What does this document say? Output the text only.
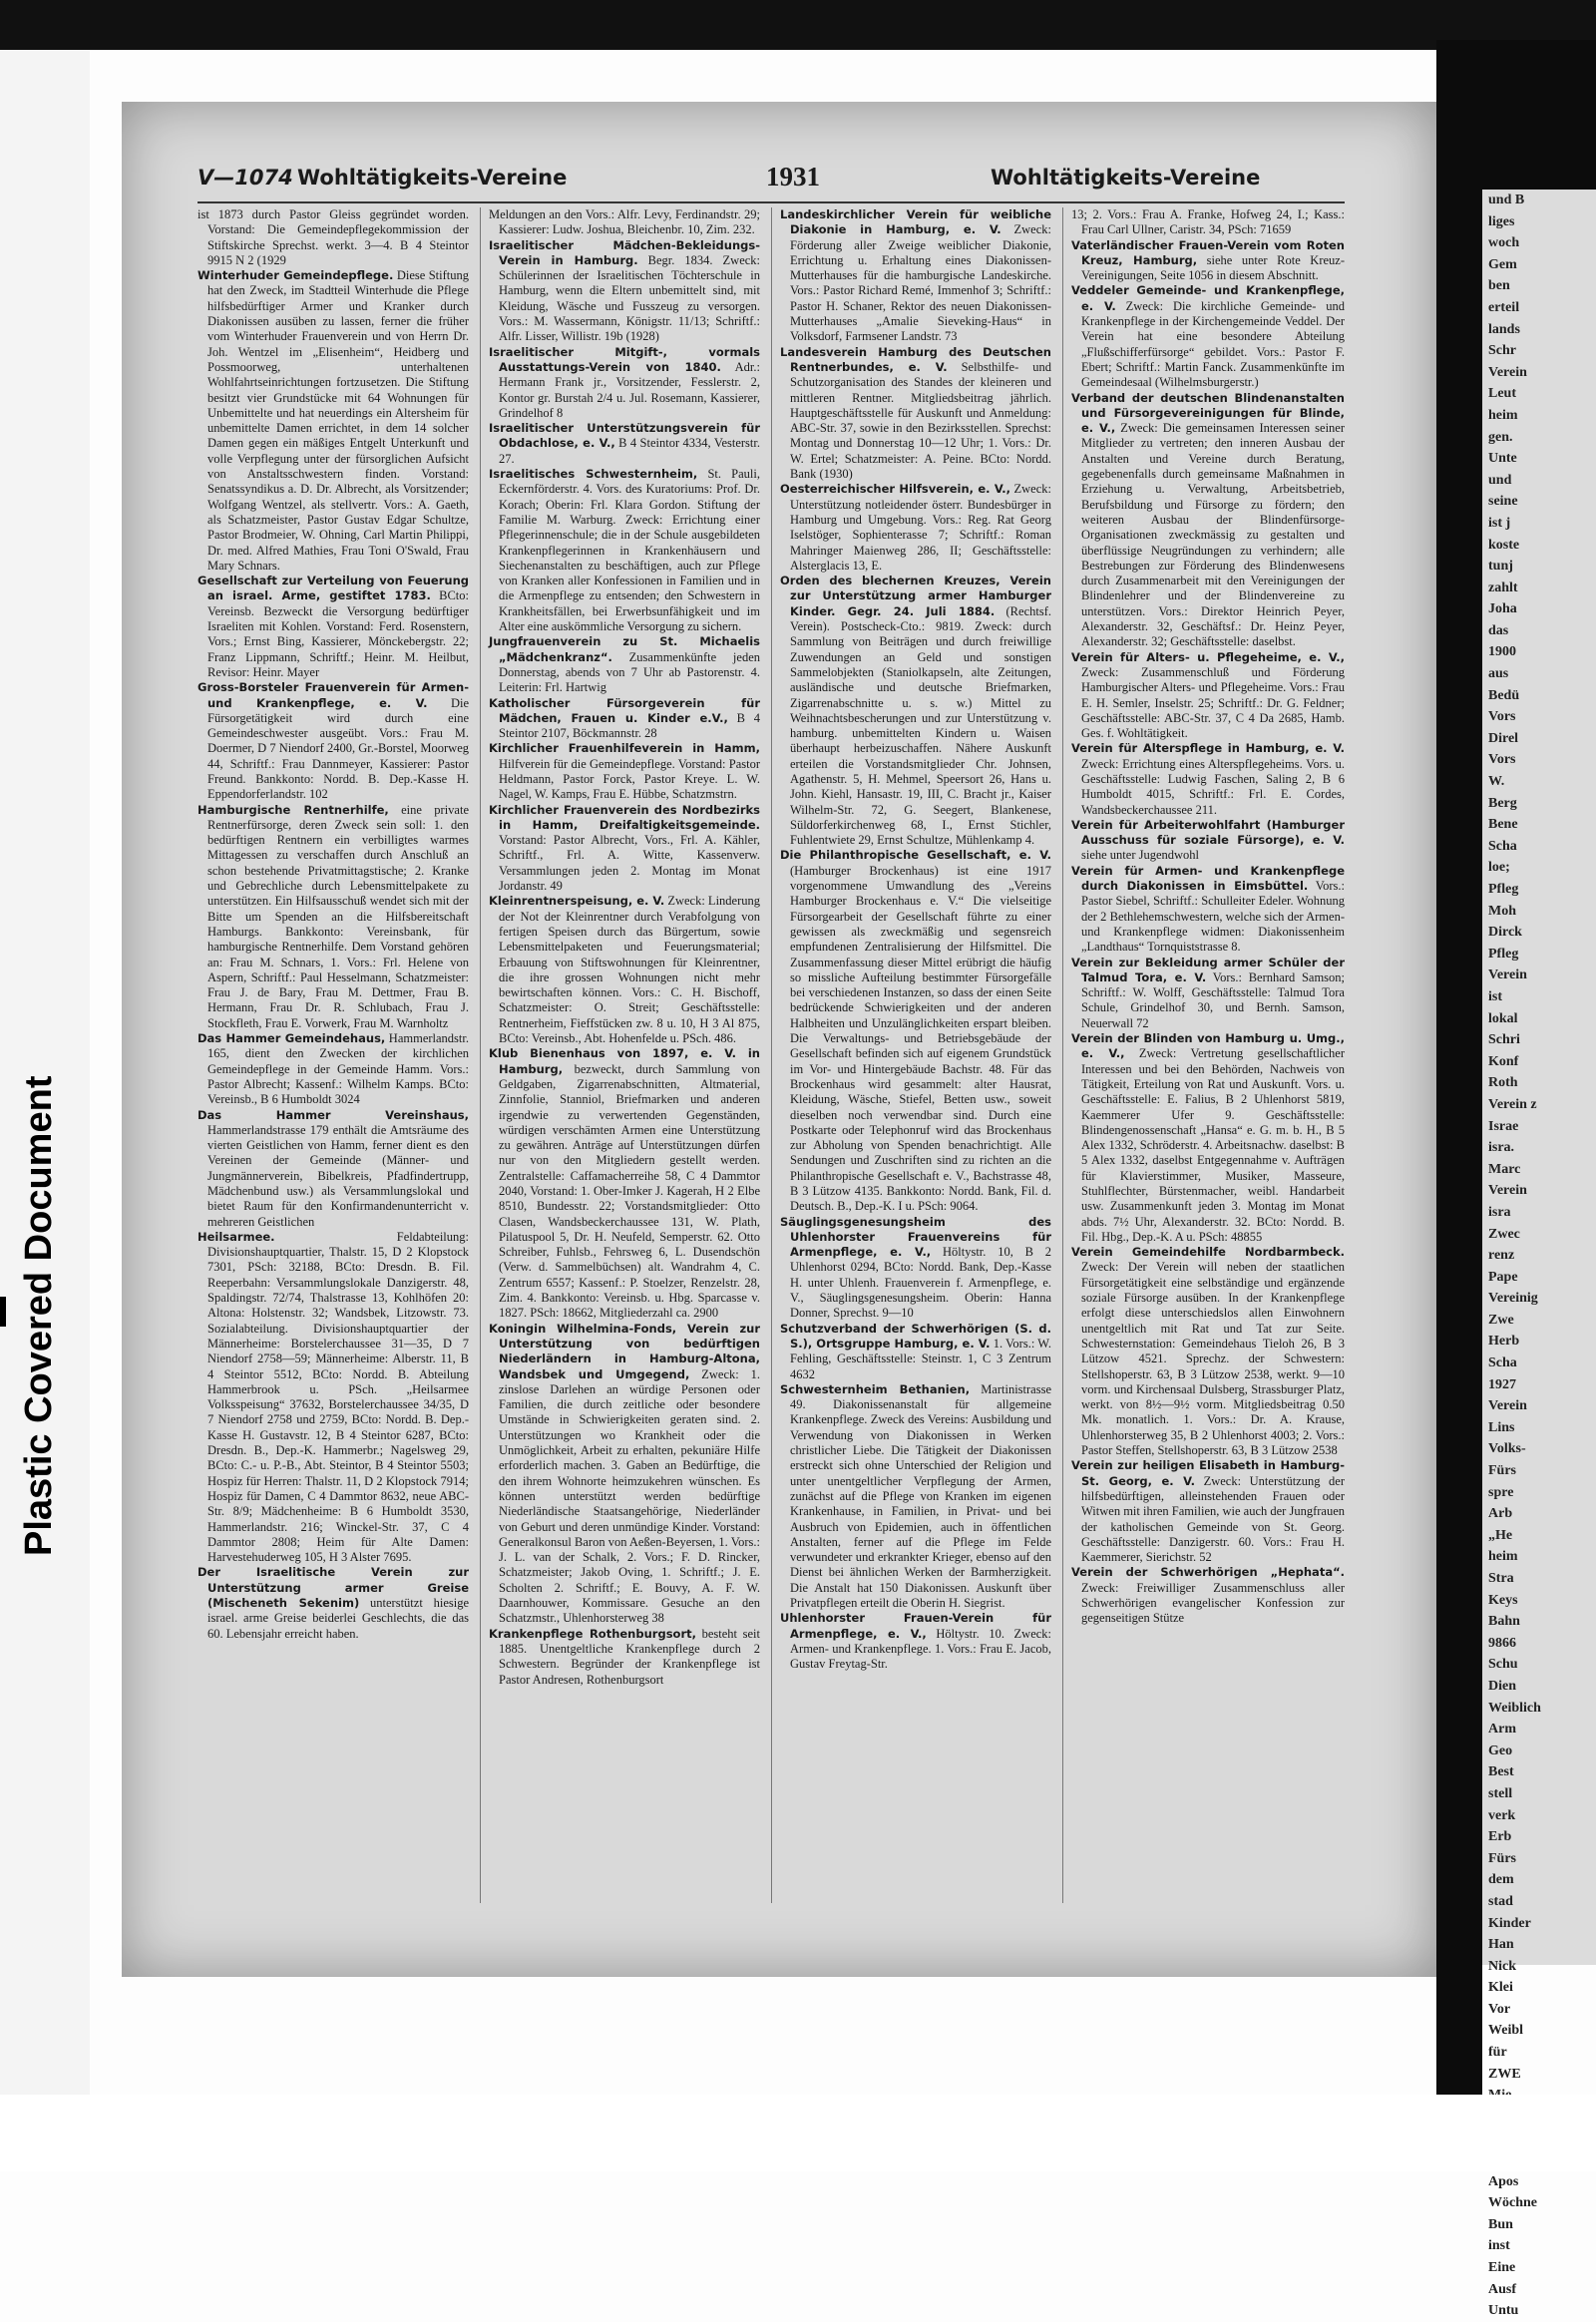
Plastic Covered Document
und B
liges
woch
Gem
ben
erteil
lands
Schr
Verein
Leut
heim
gen.
Unte
und
seine
ist j
koste
tunj
zahlt
Joha
das
1900
aus
Bedü
Vors
Direl
Vors
W.
Berg
Bene
Scha
loe;
Pfleg
Moh
Dirck
Pfleg
Verein
ist
lokal
Schri
Konf
Roth
Verein z
Israe
isra.
Marc
Verein
isra
Zwec
renz
Pape
Vereinig
Zwe
Herb
Scha
1927
Verein
Lins
Volks-
Fürs
spre
Arb
„He
heim
Stra
Keys
Bahn
9866
Schu
Dien
Weiblich
Arm
Geo
Best
stell
verk
Erb
Fürs
dem
stad
Kinder
Han
Nick
Klei
Vor
Weibl
für
ZWE
Apos
Wöchne
Bun
inst
Eine
Ausf
Untu
V—1074 Wohltätigkeits-Vereine	1931	Wohltätigkeits-Vereine

ist 1873 durch Pastor Gleiss gegründet worden. Vorstand: Die Gemeindepflegekommission der Stiftskirche Sprechst. werkt. 3—4. B 4 Steintor 9915 N 2 (1929

Winterhuder Gemeindepflege. Diese Stiftung hat den Zweck, im Stadtteil Winterhude die Pflege hilfsbedürftiger Armer und Kranker durch Diakonissen ausüben zu lassen, ferner die früher vom Winterhuder Frauenverein und von Herrn Dr. Joh. Wentzel im „Elisenheim“, Heidberg und Possmoorweg, unterhaltenen Wohlfahrtseinrichtungen fortzusetzen. Die Stiftung besitzt vier Grundstücke mit 64 Wohnungen für Unbemittelte und hat neuerdings ein Altersheim für unbemittelte Damen errichtet, in dem 14 solcher Damen gegen ein mäßiges Entgelt Unterkunft und volle Verpflegung unter der fürsorglichen Aufsicht von Anstaltsschwestern finden. Vorstand: Senatssyndikus a. D. Dr. Albrecht, als Vorsitzender; Wolfgang Wentzel, als stellvertr. Vors.: A. Gaeth, als Schatzmeister, Pastor Gustav Edgar Schultze, Pastor Brodmeier, W. Ohning, Carl Martin Philippi, Dr. med. Alfred Mathies, Frau Toni O'Swald, Frau Mary Schnars.

Gesellschaft zur Verteilung von Feuerung an israel. Arme, gestiftet 1783. BCto: Vereinsb. Bezweckt die Versorgung bedürftiger Israeliten mit Kohlen. Vorstand: Ferd. Rosenstern, Vors.; Ernst Bing, Kassierer, Mönckebergstr. 22; Franz Lippmann, Schriftf.; Heinr. M. Heilbut, Revisor: Heinr. Mayer

Gross-Borsteler Frauenverein für Armen- und Krankenpflege, e. V. Die Fürsorgetätigkeit wird durch eine Gemeindeschwester ausgeübt. Vors.: Frau M. Doermer, D 7 Niendorf 2400, Gr.-Borstel, Moorweg 44, Schriftf.: Frau Dannmeyer, Kassierer: Pastor Freund. Bankkonto: Nordd. B. Dep.-Kasse H. Eppendorferlandstr. 102

Hamburgische Rentnerhilfe, eine private Rentnerfürsorge, deren Zweck sein soll: 1. den bedürftigen Rentnern ein verbilligtes warmes Mittagessen zu verschaffen durch Anschluß an schon bestehende Privatmittagstische; 2. Kranke und Gebrechliche durch Lebensmittelpakete zu unterstützen. Ein Hilfsausschuß wendet sich mit der Bitte um Spenden an die Hilfsbereitschaft Hamburgs. Bankkonto: Vereinsbank, für hamburgische Rentnerhilfe. Dem Vorstand gehören an: Frau M. Schnars, 1. Vors.: Frl. Helene von Aspern, Schriftf.: Paul Hesselmann, Schatzmeister: Frau J. de Bary, Frau M. Dettmer, Frau B. Hermann, Frau Dr. R. Schlubach, Frau J. Stockfleth, Frau E. Vorwerk, Frau M. Warnholtz

Das Hammer Gemeindehaus, Hammerlandstr. 165, dient den Zwecken der kirchlichen Gemeindepflege in der Gemeinde Hamm. Vors.: Pastor Albrecht; Kassenf.: Wilhelm Kamps. BCto: Vereinsb., B 6 Humboldt 3024

Das Hammer Vereinshaus, Hammerlandstrasse 179 enthält die Amtsräume des vierten Geistlichen von Hamm, ferner dient es den Vereinen der Gemeinde (Männer- und Jungmännerverein, Bibelkreis, Pfadfindertrupp, Mädchenbund usw.) als Versammlungslokal und bietet Raum für den Konfirmandenunterricht v. mehreren Geistlichen

Heilsarmee.	Feldabteilung: Divisionshauptquartier, Thalstr. 15, D 2 Klopstock 7301, PSch: 32188, BCto: Dresdn. B. Fil. Reeperbahn: Versammlungslokale Danzigerstr. 48, Spaldingstr. 72/74, Thalstrasse 13, Kohlhöfen 20: Altona: Holstenstr. 32; Wandsbek, Litzowstr. 73. Sozialabteilung. Divisionshauptquartier der Männerheime: Borstelerchaussee 31—35, D 7 Niendorf 2758—59; Männerheime: Alberstr. 11, B 4 Steintor 5512, BCto: Nordd. B. Abteilung Hammerbrook u. PSch. „Heilsarmee Volksspeisung“ 37632, Borstelerchaussee 34/35, D 7 Niendorf 2758 und 2759, BCto: Nordd. B. Dep.-Kasse H. Gustavstr. 12, B 4 Steintor 6287, BCto: Dresdn. B., Dep.-K. Hammerbr.; Nagelsweg 29, BCto: C.- u. P.-B., Abt. Steintor, B 4 Steintor 5503; Hospiz für Herren: Thalstr. 11, D 2 Klopstock 7914; Hospiz für Damen, C 4 Dammtor 8632, neue ABC-Str. 8/9; Mädchenheime: B 6 Humboldt 3530, Hammerlandstr. 216; Winckel-Str. 37, C 4 Dammtor 2808; Heim für Alte Damen: Harvestehuderweg 105, H 3 Alster 7695.

Der Israelitische Verein zur Unterstützung armer Greise (Mischeneth Sekenim) unterstützt hiesige israel. arme Greise beiderlei Geschlechts, die das 60. Lebensjahr erreicht haben.

Meldungen an den Vors.: Alfr. Levy, Ferdinandstr. 29; Kassierer: Ludw. Joshua, Bleichenbr. 10, Zim. 232.

Israelitischer Mädchen-Bekleidungs-Verein in Hamburg. Begr. 1834. Zweck: Schülerinnen der Israelitischen Töchterschule in Hamburg, wenn die Eltern unbemittelt sind, mit Kleidung, Wäsche und Fusszeug zu versorgen. Vors.: M. Wassermann, Königstr. 11/13; Schriftf.: Alfr. Lisser, Willistr. 19b (1928)

Israelitischer Mitgift-, vormals Ausstattungs-Verein von 1840. Adr.: Hermann Frank jr., Vorsitzender, Fesslerstr. 2, Kontor gr. Burstah 2/4 u. Jul. Rosemann, Kassierer, Grindelhof 8

Israelitischer Unterstützungsverein für Obdachlose, e. V., B 4 Steintor 4334, Vesterstr. 27.

Israelitisches Schwesternheim, St. Pauli, Eckernförderstr. 4. Vors. des Kuratoriums: Prof. Dr. Korach; Oberin: Frl. Klara Gordon. Stiftung der Familie M. Warburg. Zweck: Errichtung einer Pflegerinnenschule; die in der Schule ausgebildeten Krankenpflegerinnen in Krankenhäusern und Siechenanstalten zu beschäftigen, auch zur Pflege von Kranken aller Konfessionen in Familien und in die Armenpflege zu entsenden; den Schwestern in Krankheitsfällen, bei Erwerbsunfähigkeit und im Alter eine auskömmliche Versorgung zu sichern.

Jungfrauenverein zu St. Michaelis „Mädchenkranz“. Zusammenkünfte jeden Donnerstag, abends von 7 Uhr ab Pastorenstr. 4. Leiterin: Frl. Hartwig

Katholischer Fürsorgeverein für Mädchen, Frauen u. Kinder e.V., B 4 Steintor 2107, Böckmannstr. 28

Kirchlicher Frauenhilfeverein in Hamm, Hilfverein für die Gemeindepflege. Vorstand: Pastor Heldmann, Pastor Forck, Pastor Kreye. L. W. Nagel, W. Kamps, Frau E. Hübbe, Schatzmstrn.

Kirchlicher Frauenverein des Nordbezirks in Hamm, Dreifaltigkeitsgemeinde. Vorstand: Pastor Albrecht, Vors., Frl. A. Kähler, Schriftf., Frl. A. Witte, Kassenverw. Versammlungen jeden 2. Montag im Monat Jordanstr. 49

Kleinrentnerspeisung, e. V. Zweck: Linderung der Not der Kleinrentner durch Verabfolgung von fertigen Speisen durch das Bürgertum, sowie Lebensmittelpaketen und Feuerungsmaterial; Erbauung von Stiftswohnungen für Kleinrentner, die ihre grossen Wohnungen nicht mehr bewirtschaften können. Vors.: C. H. Bischoff, Schatzmeister: O. Streit; Geschäftsstelle: Rentnerheim, Fieffstücken zw. 8 u. 10, H 3 Al 875, BCto: Vereinsb., Abt. Hohenfelde u. PSch. 486.

Klub Bienenhaus von 1897, e. V. in Hamburg, bezweckt, durch Sammlung von Geldgaben, Zigarrenabschnitten, Altmaterial, Zinnfolie, Stanniol, Briefmarken und anderen irgendwie zu verwertenden Gegenständen, würdigen verschämten Armen eine Unterstützung zu gewähren. Anträge auf Unterstützungen dürfen nur von den Mitgliedern gestellt werden. Zentralstelle: Caffamacherreihe 58, C 4 Dammtor 2040, Vorstand: 1. Ober-Imker J. Kagerah, H 2 Elbe 8510, Bundesstr. 22; Vorstandsmitglieder: Otto Clasen, Wandsbeckerchaussee 131, W. Plath, Pilatuspool 5, Dr. H. Neufeld, Semperstr. 62. Otto Schreiber, Fuhlsb., Fehrsweg 6, L. Dusendschön (Verw. d. Sammelbüchsen) alt. Wandrahm 4, C. Zentrum 6557; Kassenf.: P. Stoelzer, Renzelstr. 28, Zim. 4. Bankkonto: Vereinsb. u. Hbg. Sparcasse v. 1827. PSch: 18662, Mitgliederzahl ca. 2900

Koningin Wilhelmina-Fonds, Verein zur Unterstützung von bedürftigen Niederländern in Hamburg-Altona, Wandsbek und Umgegend, Zweck: 1. zinslose Darlehen an würdige Personen oder Familien, die durch zeitliche oder besondere Umstände in Schwierigkeiten geraten sind. 2. Unterstützungen wo Krankheit oder die Unmöglichkeit, Arbeit zu erhalten, pekuniäre Hilfe erforderlich machen. 3. Gaben an Bedürftige, die den ihrem Wohnorte heimzukehren wünschen. Es können unterstützt werden bedürftige Niederländische Staatsangehörige, Niederländer von Geburt und deren unmündige Kinder. Vorstand: Generalkonsul Baron von Aeßen-Beyersen, 1. Vors.: J. L. van der Schalk, 2. Vors.; F. D. Rincker, Schatzmeister; Jakob Oving, 1. Schriftf.; J. E. Scholten 2. Schriftf.; E. Bouvy, A. F. W. Daarnhouwer, Kommissare. Gesuche an den Schatzmstr., Uhlenhorsterweg 38

Krankenpflege Rothenburgsort, besteht seit 1885. Unentgeltliche Krankenpflege durch 2 Schwestern. Begründer der Krankenpflege ist Pastor Andresen, Rothenburgsort

Landeskirchlicher Verein für weibliche Diakonie in Hamburg, e. V. Zweck: Förderung aller Zweige weiblicher Diakonie, Errichtung u. Erhaltung eines Diakonissen-Mutterhauses für die hamburgische Landeskirche. Vors.: Pastor Richard Remé, Immenhof 3; Schriftf.: Pastor H. Schaner, Rektor des neuen Diakonissen-Mutterhauses „Amalie Sieveking-Haus“ in Volksdorf, Farmsener Landstr. 73

Landesverein Hamburg des Deutschen Rentnerbundes, e. V. Selbsthilfe- und Schutzorganisation des Standes der kleineren und mittleren Rentner. Mitgliedsbeitrag jährlich. Hauptgeschäftsstelle für Auskunft und Anmeldung: ABC-Str. 37, sowie in den Bezirksstellen. Sprechst: Montag und Donnerstag 10—12 Uhr; 1. Vors.: Dr. W. Ertel; Schatzmeister: A. Peine. BCto: Nordd. Bank (1930)

Oesterreichischer Hilfsverein, e. V., Zweck: Unterstützung notleidender österr. Bundesbürger in Hamburg und Umgebung. Vors.: Reg. Rat Georg Iselstöger, Sophienterasse 7; Schriftf.: Roman Mahringer Maienweg 286, II; Geschäftsstelle: Alsterglacis 13, E.

Orden des blechernen Kreuzes, Verein zur Unterstützung armer Hamburger Kinder. Gegr. 24. Juli 1884. (Rechtsf. Verein). Postscheck-Cto.: 9819. Zweck: durch Sammlung von Beiträgen und durch freiwillige Zuwendungen an Geld und sonstigen Sammelobjekten (Staniolkapseln, alte Zeitungen, ausländische und deutsche Briefmarken, Zigarrenabschnitte u. s. w.) Mittel zu Weihnachtsbescherungen und zur Unterstützung v. hamburg. unbemittelten Kindern u. Waisen überhaupt herbeizuschaffen. Nähere Auskunft erteilen die Vorstandsmitglieder Chr. Johnsen, Agathenstr. 5, H. Mehmel, Speersort 26, Hans u. John. Kiehl, Hansastr. 19, III, C. Bracht jr., Kaiser Wilhelm-Str. 72, G. Seegert, Blankenese, Süldorferkirchenweg 68, I., Ernst Stichler, Fuhlentwiete 29, Ernst Schultze, Mühlenkamp 4.

Die Philanthropische Gesellschaft, e. V. (Hamburger Brockenhaus) ist eine 1917 vorgenommene Umwandlung des „Vereins Hamburger Brockenhaus e. V.“ Die vielseitige Fürsorgearbeit der Gesellschaft führte zu einer gewissen als zweckmäßig und segensreich empfundenen Zentralisierung der Hilfsmittel. Die Zusammenfassung dieser Mittel erübrigt die häufig so missliche Aufteilung bestimmter Fürsorgefälle bei verschiedenen Instanzen, so dass der einen Seite bedrückende Schwierigkeiten und der anderen Halbheiten und Unzulänglichkeiten erspart bleiben. Die Verwaltungs- und Betriebsgebäude der Gesellschaft befinden sich auf eigenem Grundstück im Vor- und Hintergebäude Bachstr. 48. Für das Brockenhaus wird gesammelt: alter Hausrat, Kleidung, Wäsche, Stiefel, Betten usw., soweit dieselben noch verwendbar sind. Durch eine Postkarte oder Telephonruf wird das Brockenhaus zur Abholung von Spenden benachrichtigt. Alle Sendungen und Zuschriften sind zu richten an die Philanthropische Gesellschaft e. V., Bachstrasse 48, B 3 Lützow 4135. Bankkonto: Nordd. Bank, Fil. d. Deutsch. B., Dep.-K. I u. PSch: 9064.

Säuglingsgenesungsheim des Uhlenhorster Frauenvereins für Armenpflege, e. V., Höltystr. 10, B 2 Uhlenhorst 0294, BCto: Nordd. Bank, Dep.-Kasse H. unter Uhlenh. Frauenverein f. Armenpflege, e. V., Säuglingsgenesungsheim. Oberin: Hanna Donner, Sprechst. 9—10

Schutzverband der Schwerhörigen (S. d. S.), Ortsgruppe Hamburg, e. V. 1. Vors.: W. Fehling, Geschäftsstelle: Steinstr. 1, C 3 Zentrum 4632

Schwesternheim Bethanien, Martinistrasse 49. Diakonissenanstalt für allgemeine Krankenpflege. Zweck des Vereins: Ausbildung und Verwendung von Diakonissen in Werken christlicher Liebe. Die Tätigkeit der Diakonissen erstreckt sich ohne Unterschied der Religion und unter unentgeltlicher Verpflegung der Armen, zunächst auf die Pflege von Kranken im eigenen Krankenhause, in Familien, in Privat- und bei Ausbruch von Epidemien, auch in öffentlichen Anstalten, ferner auf die Pflege im Felde verwundeter und erkrankter Krieger, ebenso auf den Dienst bei ähnlichen Werken der Barmherzigkeit. Die Anstalt hat 150 Diakonissen. Auskunft über Privatpflegen erteilt die Oberin H. Siegrist.

Uhlenhorster Frauen-Verein für Armenpflege, e. V., Höltystr. 10. Zweck: Armen- und Krankenpflege. 1. Vors.: Frau E. Jacob, Gustav Freytag-Str.

13; 2. Vors.: Frau A. Franke, Hofweg 24, I.; Kass.: Frau Carl Ullner, Caristr. 34, PSch: 71659

Vaterländischer Frauen-Verein vom Roten Kreuz, Hamburg, siehe unter Rote Kreuz-Vereinigungen, Seite 1056 in diesem Abschnitt.

Veddeler Gemeinde- und Krankenpflege, e. V. Zweck: Die kirchliche Gemeinde- und Krankenpflege in der Kirchengemeinde Veddel. Der Verein hat eine besondere Abteilung „Flußschifferfürsorge“ gebildet. Vors.: Pastor F. Ebert; Schriftf.: Martin Fanck. Zusammenkünfte im Gemeindesaal (Wilhelmsburgerstr.)

Verband der deutschen Blindenanstalten und Fürsorgevereinigungen für Blinde, e. V., Zweck: Die gemeinsamen Interessen seiner Mitglieder zu vertreten; den inneren Ausbau der Anstalten und Vereine durch Beratung, gegebenenfalls durch gemeinsame Maßnahmen in Erziehung u. Verwaltung, Arbeitsbetrieb, Berufsbildung und Fürsorge zu fördern; den weiteren Ausbau der Blindenfürsorge-Organisationen zweckmässig zu gestalten und überflüssige Neugründungen zu verhindern; alle Bestrebungen zur Förderung des Blindenwesens durch Zusammenarbeit mit den Vereinigungen der Blindenlehrer und der Blindenvereine zu unterstützen. Vors.: Direktor Heinrich Peyer, Alexanderstr. 32, Geschäftsf.: Dr. Heinz Peyer, Alexanderstr. 32; Geschäftsstelle: daselbst.

Verein für Alters- u. Pflegeheime, e. V., Zweck: Zusammenschluß und Förderung Hamburgischer Alters- und Pflegeheime. Vors.: Frau E. H. Semler, Inselstr. 25; Schriftf.: Dr. G. Feldner; Geschäftsstelle: ABC-Str. 37, C 4 Da 2685, Hamb. Ges. f. Wohltätigkeit.

Verein für Alterspflege in Hamburg, e. V. Zweck: Errichtung eines Alterspflegeheims. Vors. u. Geschäftsstelle: Ludwig Faschen, Saling 2, B 6 Humboldt 4015, Schriftf.: Frl. E. Cordes, Wandsbeckerchaussee 211.

Verein für Arbeiterwohlfahrt (Hamburger Ausschuss für soziale Fürsorge), e. V. siehe unter Jugendwohl

Verein für Armen- und Krankenpflege durch Diakonissen in Eimsbüttel. Vors.: Pastor Siebel, Schriftf.: Schulleiter Edeler. Wohnung der 2 Bethlehemschwestern, welche sich der Armen- und Krankenpflege widmen: Diakonissenheim „Landthaus“ Tornquiststrasse 8.

Verein zur Bekleidung armer Schüler der Talmud Tora, e. V. Vors.: Bernhard Samson; Schriftf.: W. Wolff, Geschäftsstelle: Talmud Tora Schule, Grindelhof 30, und Bernh. Samson, Neuerwall 72

Verein der Blinden von Hamburg u. Umg., e. V., Zweck: Vertretung gesellschaftlicher Interessen und bei den Behörden, Nachweis von Tätigkeit, Erteilung von Rat und Auskunft. Vors. u. Geschäftsstelle: E. Falius, B 2 Uhlenhorst 5819, Kaemmerer Ufer 9. Geschäftsstelle: Blindengenossenschaft „Hansa“ e. G. m. b. H., B 5 Alex 1332, Schröderstr. 4. Arbeitsnachw. daselbst: B 5 Alex 1332, daselbst Entgegennahme v. Aufträgen für Klavierstimmer, Musiker, Masseure, Stuhlflechter, Bürstenmacher, weibl. Handarbeit usw. Zusammenkunft jeden 3. Montag im Monat abds. 7½ Uhr, Alexanderstr. 32. BCto: Nordd. B. Fil. Hbg., Dep.-K. A u. PSch: 48855

Verein Gemeindehilfe Nordbarmbeck. Zweck: Der Verein will neben der staatlichen Fürsorgetätigkeit eine selbständige und ergänzende soziale Fürsorge ausüben. In der Krankenpflege erfolgt diese unterschiedslos allen Einwohnern unentgeltlich mit Rat und Tat zur Seite. Schwesternstation: Gemeindehaus Tieloh 26, B 3 Lützow 4521. Sprechz. der Schwestern: Stellshoperstr. 63, B 3 Lützow 2538, werkt. 9—10 vorm. und Kirchensaal Dulsberg, Strassburger Platz, werkt. von 8½—9½ vorm. Mitgliedsbeitrag 0.50 Mk. monatlich. 1. Vors.: Dr. A. Krause, Uhlenhorsterweg 35, B 2 Uhlenhorst 4003; 2. Vors.: Pastor Steffen, Stellshoperstr. 63, B 3 Lützow 2538

Verein zur heiligen Elisabeth in Hamburg-St. Georg, e. V. Zweck: Unterstützung der hilfsbedürftigen, alleinstehenden Frauen oder Witwen mit ihren Familien, wie auch der Jungfrauen der katholischen Gemeinde von St. Georg. Geschäftsstelle: Danzigerstr. 60. Vors.: Frau H. Kaemmerer, Sierichstr. 52

Verein der Schwerhörigen „Hephata“. Zweck: Freiwilliger Zusammenschluss aller Schwerhörigen evangelischer Konfession zur gegenseitigen Stütze
